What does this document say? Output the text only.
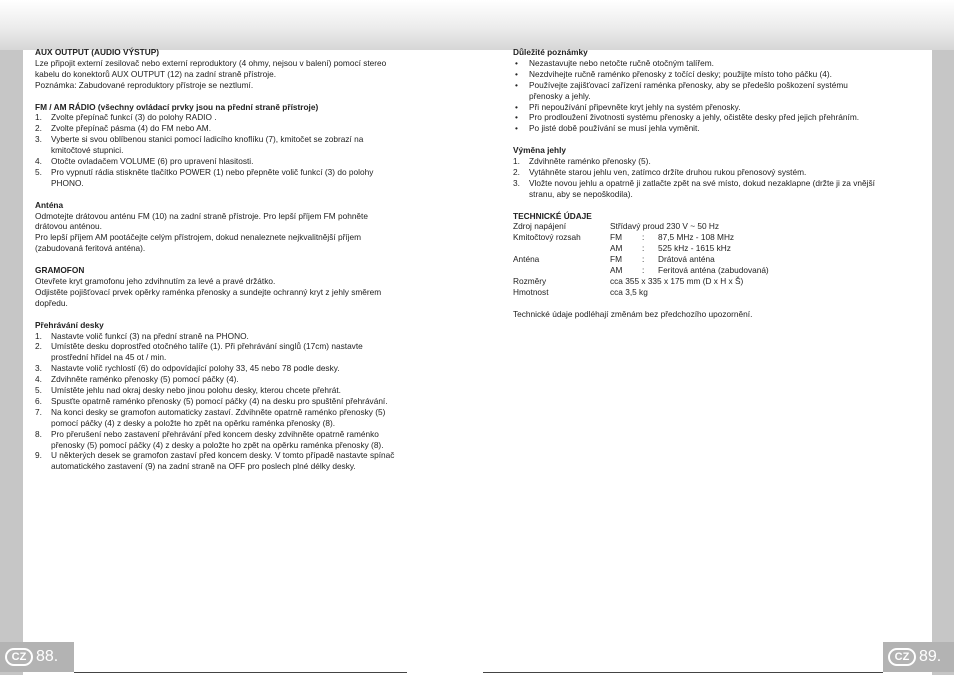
AUX OUTPUT (AUDIO VÝSTUP)

Lze připojit externí zesilovač nebo externí reproduktory (4 ohmy, nejsou v balení) pomocí stereo

kabelu do konektorů AUX OUTPUT (12) na zadní straně přístroje.

Poznámka: Zabudované reproduktory přístroje se neztlumí.

FM / AM RÁDIO (všechny ovládací prvky jsou na přední straně přístroje)
1. Zvolte přepínač funkcí (3) do polohy RADIO .
2. Zvolte přepínač pásma (4) do FM nebo AM.
3. Vyberte si svou oblíbenou stanici pomocí ladicího knoflíku (7), kmitočet se zobrazí na
kmitočtové stupnici.
4. Otočte ovladačem VOLUME (6) pro upravení hlasitosti.
5. Pro vypnutí rádia stiskněte tlačítko POWER (1) nebo přepněte volič funkcí (3) do polohy
PHONO.
Anténa

Odmotejte drátovou anténu FM (10) na zadní straně přístroje. Pro lepší příjem FM pohněte

drátovou anténou.

Pro lepší příjem AM pootáčejte celým přístrojem, dokud nenaleznete nejkvalitnější příjem

(zabudovaná feritová anténa).

GRAMOFON

Otevřete kryt gramofonu jeho zdvihnutím za levé a pravé držátko.

Odjistěte pojišťovací prvek opěrky raménka přenosky a sundejte ochranný kryt z jehly směrem

dopředu.

Přehrávání desky
1. Nastavte volič funkcí (3) na přední straně na PHONO.
2. Umístěte desku doprostřed otočného talíře (1). Při přehrávání singlů (17cm) nastavte
prostřední hřídel na 45 ot / min.
3. Nastavte volič rychlostí (6) do odpovídající polohy 33, 45 nebo 78 podle desky.
4. Zdvihněte raménko přenosky (5) pomocí páčky (4).
5. Umístěte jehlu nad okraj desky nebo jinou polohu desky, kterou chcete přehrát.
6. Spusťte opatrně raménko přenosky (5) pomocí páčky (4) na desku pro spuštění přehrávání.
7. Na konci desky se gramofon automaticky zastaví. Zdvihněte opatrně raménko přenosky (5)
pomocí páčky (4) z desky a položte ho zpět na opěrku raménka přenosky (8).
8. Pro přerušení nebo zastavení přehrávání před koncem desky zdvihněte opatrně raménko
přenosky (5) pomocí páčky (4) z desky a položte ho zpět na opěrku raménka přenosky (8).
9. U některých desek se gramofon zastaví před koncem desky. V tomto případě nastavte spínač
automatického zastavení (9) na zadní straně na OFF pro poslech plné délky desky.
Důležité poznámky
• Nezastavujte nebo netočte ručně otočným talířem.
• Nezdvihejte ručně raménko přenosky z točící desky; použijte místo toho páčku (4).
• Používejte zajišťovací zařízení raménka přenosky, aby se předešlo poškození systému
přenosky a jehly.
• Při nepoužívání připevněte kryt jehly na systém přenosky.
• Pro prodloužení životnosti systému přenosky a jehly, očistěte desky před jejich přehráním.
• Po jisté době používání se musí jehla vyměnit.
Výměna jehly
1. Zdvihněte raménko přenosky (5).
2. Vytáhněte starou jehlu ven, zatímco držíte druhou rukou přenosový systém.
3. Vložte novou jehlu a opatrně ji zatlačte zpět na své místo, dokud nezaklapne (držte ji za vnější
stranu, aby se nepoškodila).
TECHNICKÉ ÚDAJE
Zdroj napájení	Střídavý proud 230 V ~ 50 Hz
Kmitočtový rozsah	FM	:	87,5 MHz - 108 MHz
AM	:	525 kHz - 1615 kHz
Anténa	FM	:	Drátová anténa
AM	:	Feritová anténa (zabudovaná)
Rozměry	cca 355 x 335 x 175 mm (D x H x Š)
Hmotnost	cca 3,5 kg

Technické údaje podléhají změnám bez předchozího upozornění.

CZ 88.	CZ 89.
